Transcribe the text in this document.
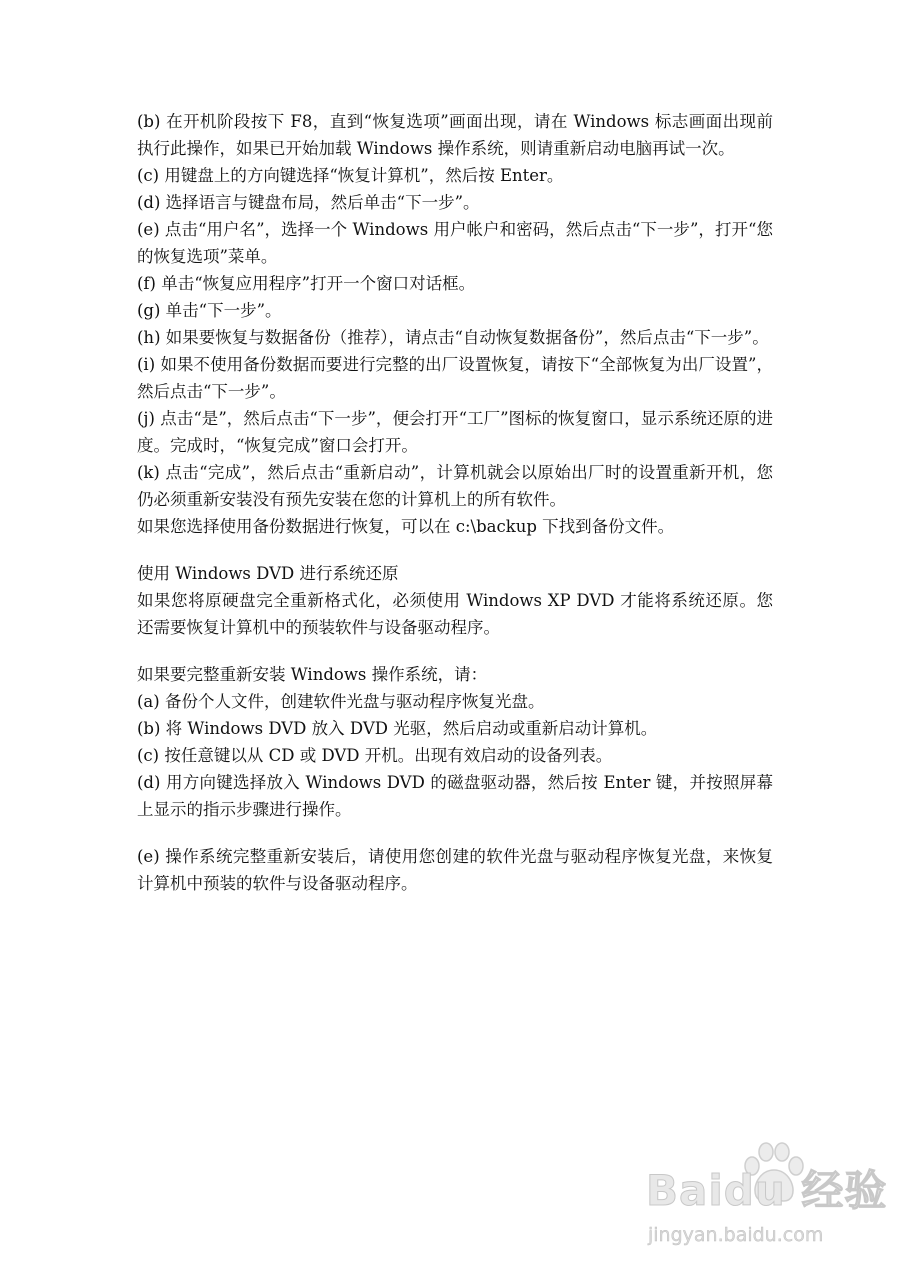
(b) 在开机阶段按下 F8，直到“恢复选项”画面出现，请在 Windows 标志画面出现前执行此操作，如果已开始加载 Windows 操作系统，则请重新启动电脑再试一次。

(c) 用键盘上的方向键选择“恢复计算机”，然后按 Enter。

(d) 选择语言与键盘布局，然后单击“下一步”。

(e) 点击“用户名”，选择一个 Windows 用户帐户和密码，然后点击“下一步”，打开“您的恢复选项”菜单。

(f) 单击“恢复应用程序”打开一个窗口对话框。

(g) 单击“下一步”。

(h) 如果要恢复与数据备份（推荐），请点击“自动恢复数据备份”，然后点击“下一步”。

(i) 如果不使用备份数据而要进行完整的出厂设置恢复，请按下“全部恢复为出厂设置”，然后点击“下一步”。

(j) 点击“是”，然后点击“下一步”，便会打开“工厂”图标的恢复窗口，显示系统还原的进度。完成时，“恢复完成”窗口会打开。

(k) 点击“完成”，然后点击“重新启动”，计算机就会以原始出厂时的设置重新开机，您仍必须重新安装没有预先安装在您的计算机上的所有软件。

如果您选择使用备份数据进行恢复，可以在 c:\backup 下找到备份文件。

使用 Windows DVD 进行系统还原

如果您将原硬盘完全重新格式化，必须使用 Windows XP DVD 才能将系统还原。您还需要恢复计算机中的预装软件与设备驱动程序。

如果要完整重新安装 Windows 操作系统，请：

(a) 备份个人文件，创建软件光盘与驱动程序恢复光盘。

(b) 将 Windows DVD 放入 DVD 光驱，然后启动或重新启动计算机。

(c) 按任意键以从 CD 或 DVD 开机。出现有效启动的设备列表。

(d) 用方向键选择放入 Windows DVD 的磁盘驱动器，然后按 Enter 键，并按照屏幕上显示的指示步骤进行操作。

(e) 操作系统完整重新安装后，请使用您创建的软件光盘与驱动程序恢复光盘，来恢复计算机中预装的软件与设备驱动程序。

Baidu 经验
jingyan.baidu.com
